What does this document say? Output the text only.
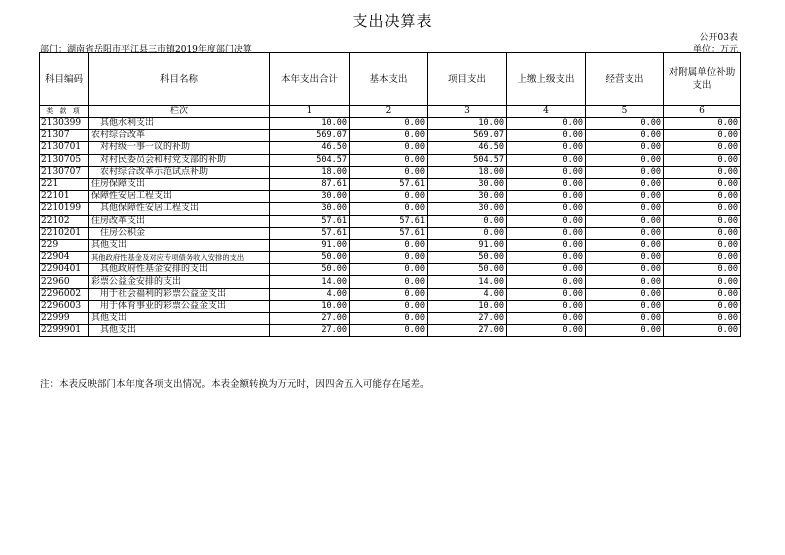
支出决算表
公开03表
部门：湖南省岳阳市平江县三市镇2019年度部门决算	单位：万元
科目编码	科目名称	本年支出合计	基本支出	项目支出	上缴上级支出	经营支出	对附属单位补助支出
类 款 项	栏次	1	2	3	4	5	6
2130399	其他水利支出	10.00	0.00	10.00	0.00	0.00	0.00
21307	农村综合改革	569.07	0.00	569.07	0.00	0.00	0.00
2130701	对村级一事一议的补助	46.50	0.00	46.50	0.00	0.00	0.00
2130705	对村民委员会和村党支部的补助	504.57	0.00	504.57	0.00	0.00	0.00
2130707	农村综合改革示范试点补助	18.00	0.00	18.00	0.00	0.00	0.00
221	住房保障支出	87.61	57.61	30.00	0.00	0.00	0.00
22101	保障性安居工程支出	30.00	0.00	30.00	0.00	0.00	0.00
2210199	其他保障性安居工程支出	30.00	0.00	30.00	0.00	0.00	0.00
22102	住房改革支出	57.61	57.61	0.00	0.00	0.00	0.00
2210201	住房公积金	57.61	57.61	0.00	0.00	0.00	0.00
229	其他支出	91.00	0.00	91.00	0.00	0.00	0.00
22904	其他政府性基金及对应专项债务收入安排的支出	50.00	0.00	50.00	0.00	0.00	0.00
2290401	其他政府性基金安排的支出	50.00	0.00	50.00	0.00	0.00	0.00
22960	彩票公益金安排的支出	14.00	0.00	14.00	0.00	0.00	0.00
2296002	用于社会福利的彩票公益金支出	4.00	0.00	4.00	0.00	0.00	0.00
2296003	用于体育事业的彩票公益金支出	10.00	0.00	10.00	0.00	0.00	0.00
22999	其他支出	27.00	0.00	27.00	0.00	0.00	0.00
2299901	其他支出	27.00	0.00	27.00	0.00	0.00	0.00
注：本表反映部门本年度各项支出情况。本表金额转换为万元时，因四舍五入可能存在尾差。
